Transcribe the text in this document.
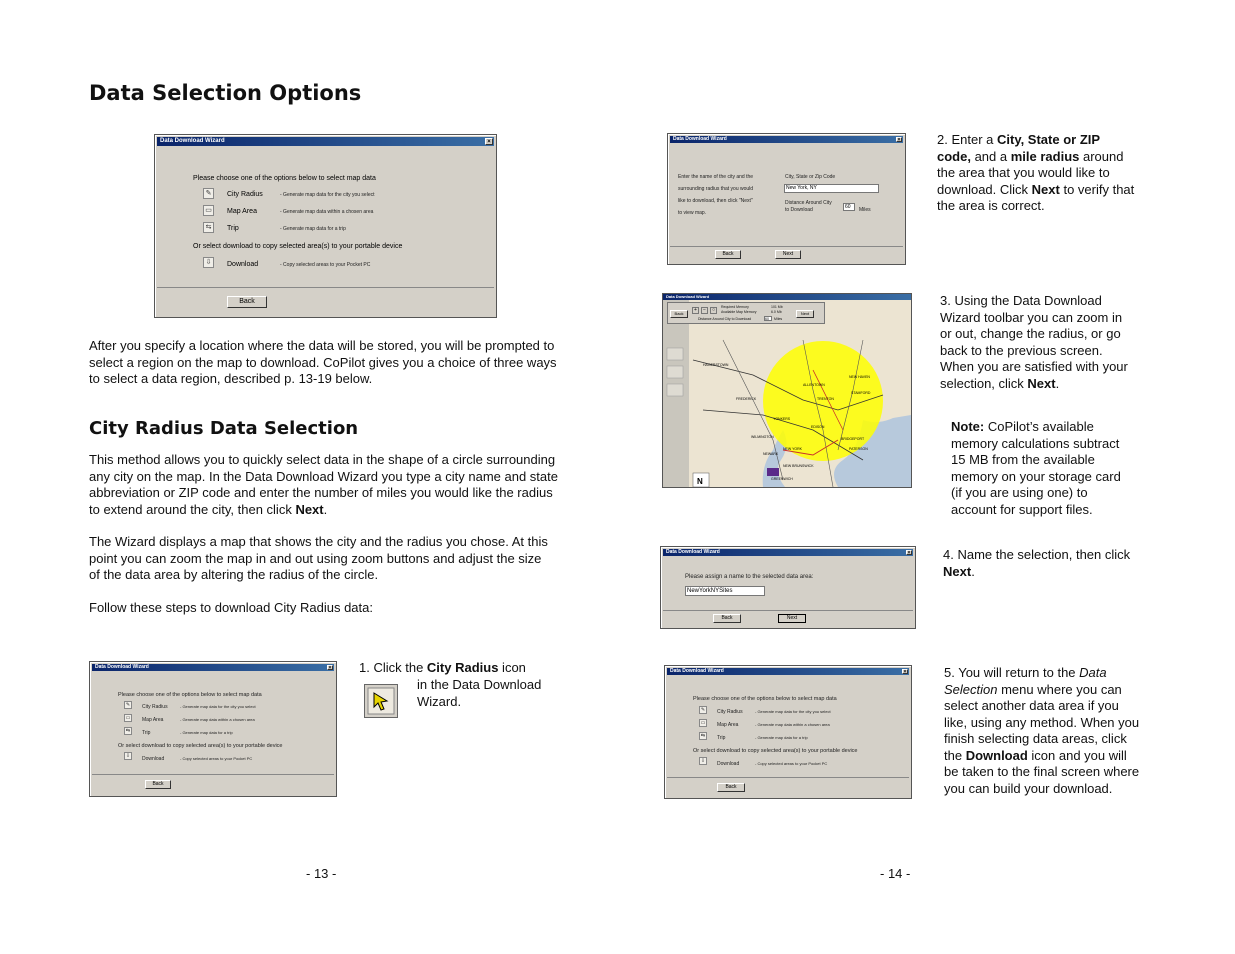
Data Selection Options
Data Download Wizard	×
Please choose one of the options below to select map data
✎	City Radius	- Generate map data for the city you select
▭	Map Area	- Generate map data within a chosen area
⇆	Trip	- Generate map data for a trip
Or select download to copy selected area(s) to your portable device
⇩	Download	- Copy selected areas to your Pocket PC
Back
After you specify a location where the data will be stored, you will be prompted to select a region on the map to download. CoPilot gives you a choice of three ways to select a data region, described p. 13-19 below.
City Radius Data Selection
This method allows you to quickly select data in the shape of a circle surrounding any city on the map. In the Data Download Wizard you type a city name and state abbreviation or ZIP code and enter the number of miles you would like the radius to extend around the city, then click Next.
The Wizard displays a map that shows the city and the radius you chose. At this point you can zoom the map in and out using zoom buttons and adjust the size of the data area by altering the radius of the circle.
Follow these steps to download City Radius data:
Data Download Wizard	×
Please choose one of the options below to select map data
✎	City Radius	- Generate map data for the city you select
▭	Map Area	- Generate map data within a chosen area
⇆	Trip	- Generate map data for a trip
Or select download to copy selected area(s) to your portable device
⇩	Download	- Copy selected areas to your Pocket PC
Back
1. Click the City Radius icon
in the Data Download Wizard.
- 13 -
Data Download Wizard	×
Enter the name of the city and the
surrounding radius that you would
like to download, then click "Next"
to view map.
City, State or Zip Code
New York, NY
Distance Around City
to Download	60	Miles
Back	Next
2. Enter a City, State or ZIP code, and a mile radius around the area that you would like to download. Click Next to verify that the area is correct.
Data Download Wizard
HAGERSTOWN
FREDERICK
WILMINGTON
ALLENTOWN
NEWARK
TRENTON
NEW HAVEN
STAMFORD
BRIDGEPORT
EDISON
NEW YORK	PATERSON
YONKERS
NEW BRUNSWICK
GREENWICH
N
Back
+	−	○	Required Memory
Available Map Memory
Distance Around City to Download
101 Mb
6.0 Mb
60	Miles
Next
3. Using the Data Download Wizard toolbar you can zoom in or out, change the radius, or go back to the previous screen. When you are satisfied with your selection, click Next.
Note: CoPilot’s available memory calculations subtract 15 MB from the available memory on your storage card (if you are using one) to account for support files.
Data Download Wizard	×
Please assign a name to the selected data area:
NewYorkNYSites
Back	Next
4. Name the selection, then click Next.
Data Download Wizard	×
Please choose one of the options below to select map data
✎	City Radius	- Generate map data for the city you select
▭	Map Area	- Generate map data within a chosen area
⇆	Trip	- Generate map data for a trip
Or select download to copy selected area(s) to your portable device
⇩	Download	- Copy selected areas to your Pocket PC
Back
5. You will return to the Data Selection menu where you can select another data area if you like, using any method. When you finish selecting data areas, click the Download icon and you will be taken to the final screen where you can build your download.
- 14 -
